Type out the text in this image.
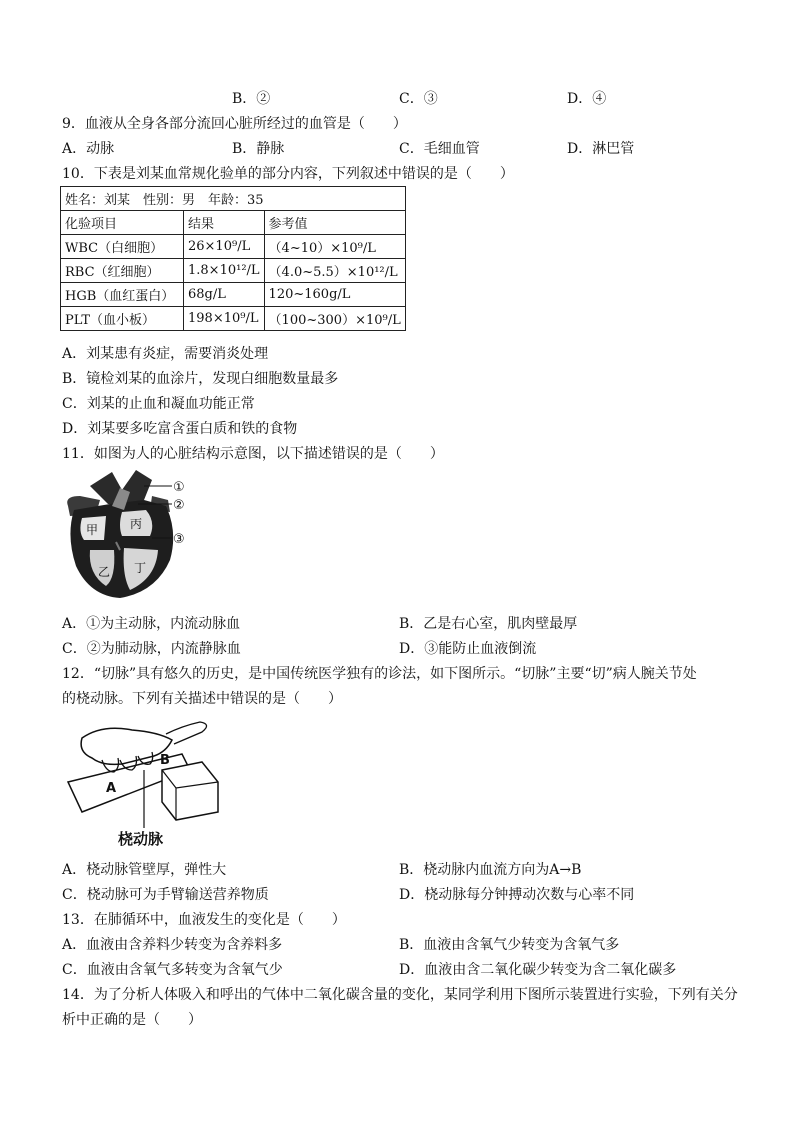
B．②	C．③	D．④
9．血液从全身各部分流回心脏所经过的血管是（　　）
A．动脉	B．静脉	C．毛细血管	D．淋巴管
10．下表是刘某血常规化验单的部分内容，下列叙述中错误的是（　　）
姓名：刘某　性别：男　年龄：35		
化验项目	结果	参考值
WBC（白细胞）	26×10⁹/L	（4~10）×10⁹/L
RBC（红细胞）	1.8×10¹²/L	（4.0~5.5）×10¹²/L
HGB（血红蛋白）	68g/L	120~160g/L
PLT（血小板）	198×10⁹/L	（100~300）×10⁹/L
A．刘某患有炎症，需要消炎处理
B．镜检刘某的血涂片，发现白细胞数量最多
C．刘某的止血和凝血功能正常
D．刘某要多吃富含蛋白质和铁的食物
11．如图为人的心脏结构示意图，以下描述错误的是（　　）
甲
乙
丙
丁
①
②
③
A．①为主动脉，内流动脉血	B．乙是右心室，肌肉壁最厚
C．②为肺动脉，内流静脉血	D．③能防止血液倒流
12．“切脉”具有悠久的历史，是中国传统医学独有的诊法，如下图所示。“切脉”主要“切”病人腕关节处
的桡动脉。下列有关描述中错误的是（　　）
A
B
桡动脉
A．桡动脉管壁厚，弹性大	B．桡动脉内血流方向为A→B
C．桡动脉可为手臂输送营养物质	D．桡动脉每分钟搏动次数与心率不同
13．在肺循环中，血液发生的变化是（　　）
A．血液由含养料少转变为含养料多	B．血液由含氧气少转变为含氧气多
C．血液由含氧气多转变为含氧气少	D．血液由含二氧化碳少转变为含二氧化碳多
14．为了分析人体吸入和呼出的气体中二氧化碳含量的变化，某同学利用下图所示装置进行实验，下列有关分
析中正确的是（　　）
